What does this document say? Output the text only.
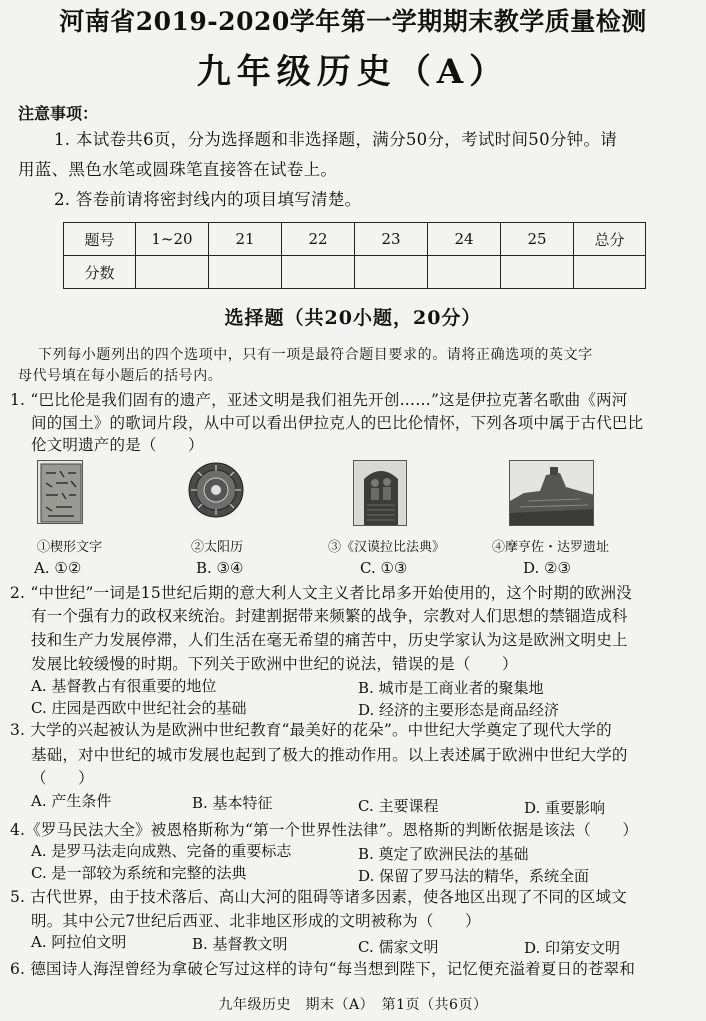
河南省2019-2020学年第一学期期末教学质量检测
九年级历史（A）
注意事项：
1. 本试卷共6页，分为选择题和非选择题，满分50分，考试时间50分钟。请
用蓝、黑色水笔或圆珠笔直接答在试卷上。
2. 答卷前请将密封线内的项目填写清楚。
题号	1~20	21	22	23	24	25	总分
分数							
选择题（共20小题，20分）
下列每小题列出的四个选项中，只有一项是最符合题目要求的。请将正确选项的英文字
母代号填在每小题后的括号内。
1. “巴比伦是我们固有的遗产，亚述文明是我们祖先开创……”这是伊拉克著名歌曲《两河
间的国土》的歌词片段，从中可以看出伊拉克人的巴比伦情怀，下列各项中属于古代巴比
伦文明遗产的是（　　）
①楔形文字	②太阳历	③《汉谟拉比法典》	④摩亨佐・达罗遗址
A. ①②	B. ③④	C. ①③	D. ②③
2. “中世纪”一词是15世纪后期的意大利人文主义者比昂多开始使用的，这个时期的欧洲没
有一个强有力的政权来统治。封建割据带来频繁的战争，宗教对人们思想的禁锢造成科
技和生产力发展停滞，人们生活在毫无希望的痛苦中，历史学家认为这是欧洲文明史上
发展比较缓慢的时期。下列关于欧洲中世纪的说法，错误的是（　　）
A. 基督教占有很重要的地位	B. 城市是工商业者的聚集地
C. 庄园是西欧中世纪社会的基础	D. 经济的主要形态是商品经济
3. 大学的兴起被认为是欧洲中世纪教育“最美好的花朵”。中世纪大学奠定了现代大学的
基础，对中世纪的城市发展也起到了极大的推动作用。以上表述属于欧洲中世纪大学的
（　　）
A. 产生条件	B. 基本特征	C. 主要课程	D. 重要影响
4.《罗马民法大全》被恩格斯称为“第一个世界性法律”。恩格斯的判断依据是该法（　　）
A. 是罗马法走向成熟、完备的重要标志	B. 奠定了欧洲民法的基础
C. 是一部较为系统和完整的法典	D. 保留了罗马法的精华，系统全面
5. 古代世界，由于技术落后、高山大河的阻碍等诸多因素，使各地区出现了不同的区域文
明。其中公元7世纪后西亚、北非地区形成的文明被称为（　　）
A. 阿拉伯文明	B. 基督教文明	C. 儒家文明	D. 印第安文明
6. 德国诗人海涅曾经为拿破仑写过这样的诗句“每当想到陛下，记忆便充溢着夏日的苍翠和
九年级历史　期末（A）　第1页（共6页）
